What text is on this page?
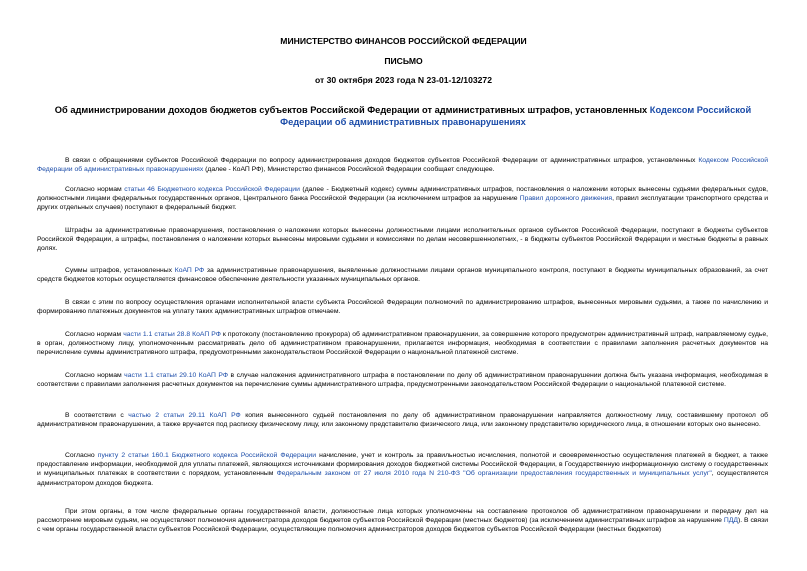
МИНИСТЕРСТВО ФИНАНСОВ РОССИЙСКОЙ ФЕДЕРАЦИИ
ПИСЬМО
от 30 октября 2023 года N 23-01-12/103272
Об администрировании доходов бюджетов субъектов Российской Федерации от административных штрафов, установленных Кодексом Российской Федерации об административных правонарушениях
В связи с обращениями субъектов Российской Федерации по вопросу администрирования доходов бюджетов субъектов Российской Федерации от административных штрафов, установленных Кодексом Российской Федерации об административных правонарушениях (далее - КоАП РФ), Министерство финансов Российской Федерации сообщает следующее.
Согласно нормам статьи 46 Бюджетного кодекса Российской Федерации (далее - Бюджетный кодекс) суммы административных штрафов, постановления о наложении которых вынесены судьями федеральных судов, должностными лицами федеральных государственных органов, Центрального банка Российской Федерации (за исключением штрафов за нарушение Правил дорожного движения, правил эксплуатации транспортного средства и других отдельных случаев) поступают в федеральный бюджет.
Штрафы за административные правонарушения, постановления о наложении которых вынесены должностными лицами исполнительных органов субъектов Российской Федерации, поступают в бюджеты субъектов Российской Федерации, а штрафы, постановления о наложении которых вынесены мировыми судьями и комиссиями по делам несовершеннолетних, - в бюджеты субъектов Российской Федерации и местные бюджеты в равных долях.
Суммы штрафов, установленных КоАП РФ за административные правонарушения, выявленные должностными лицами органов муниципального контроля, поступают в бюджеты муниципальных образований, за счет средств бюджетов которых осуществляется финансовое обеспечение деятельности указанных муниципальных органов.
В связи с этим по вопросу осуществления органами исполнительной власти субъекта Российской Федерации полномочий по администрированию штрафов, вынесенных мировыми судьями, а также по начислению и формированию платежных документов на уплату таких административных штрафов отмечаем.
Согласно нормам части 1.1 статьи 28.8 КоАП РФ к протоколу (постановлению прокурора) об административном правонарушении, за совершение которого предусмотрен административный штраф, направляемому судье, в орган, должностному лицу, уполномоченным рассматривать дело об административном правонарушении, прилагается информация, необходимая в соответствии с правилами заполнения расчетных документов на перечисление суммы административного штрафа, предусмотренными законодательством Российской Федерации о национальной платежной системе.
Согласно нормам части 1.1 статьи 29.10 КоАП РФ в случае наложения административного штрафа в постановлении по делу об административном правонарушении должна быть указана информация, необходимая в соответствии с правилами заполнения расчетных документов на перечисление суммы административного штрафа, предусмотренными законодательством Российской Федерации о национальной платежной системе.
В соответствии с частью 2 статьи 29.11 КоАП РФ копия вынесенного судьей постановления по делу об административном правонарушении направляется должностному лицу, составившему протокол об административном правонарушении, а также вручается под расписку физическому лицу, или законному представителю физического лица, или законному представителю юридического лица, в отношении которых оно вынесено.
Согласно пункту 2 статьи 160.1 Бюджетного кодекса Российской Федерации начисление, учет и контроль за правильностью исчисления, полнотой и своевременностью осуществления платежей в бюджет, а также предоставление информации, необходимой для уплаты платежей, являющихся источниками формирования доходов бюджетной системы Российской Федерации, в Государственную информационную систему о государственных и муниципальных платежах в соответствии с порядком, установленным Федеральным законом от 27 июля 2010 года N 210-ФЗ "Об организации предоставления государственных и муниципальных услуг", осуществляется администратором доходов бюджета.
При этом органы, в том числе федеральные органы государственной власти, должностные лица которых уполномочены на составление протоколов об административном правонарушении и передачу дел на рассмотрение мировым судьям, не осуществляют полномочия администратора доходов бюджетов субъектов Российской Федерации (местных бюджетов) (за исключением административных штрафов за нарушение ПДД). В связи с чем органы государственной власти субъектов Российской Федерации, осуществляющие полномочия администраторов доходов бюджетов субъектов Российской Федерации (местных бюджетов)
